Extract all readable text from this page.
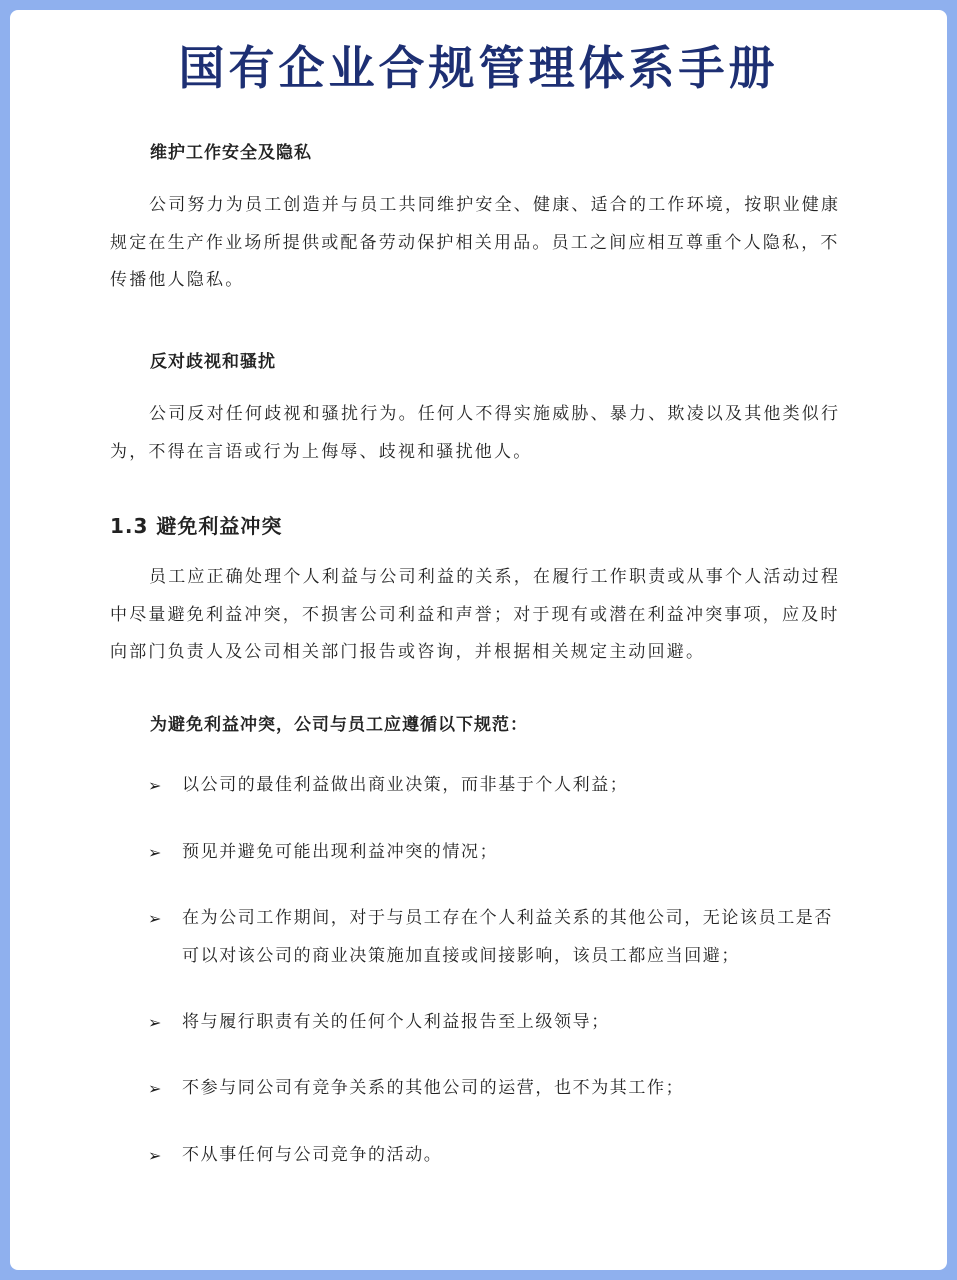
国有企业合规管理体系手册
维护工作安全及隐私

公司努力为员工创造并与员工共同维护安全、健康、适合的工作环境，按职业健康规定在生产作业场所提供或配备劳动保护相关用品。员工之间应相互尊重个人隐私，不传播他人隐私。

反对歧视和骚扰

公司反对任何歧视和骚扰行为。任何人不得实施威胁、暴力、欺凌以及其他类似行为，不得在言语或行为上侮辱、歧视和骚扰他人。

1.3 避免利益冲突

员工应正确处理个人利益与公司利益的关系，在履行工作职责或从事个人活动过程中尽量避免利益冲突，不损害公司利益和声誉；对于现有或潜在利益冲突事项，应及时向部门负责人及公司相关部门报告或咨询，并根据相关规定主动回避。

为避免利益冲突，公司与员工应遵循以下规范：
➢ 以公司的最佳利益做出商业决策，而非基于个人利益；
➢ 预见并避免可能出现利益冲突的情况；
➢ 在为公司工作期间，对于与员工存在个人利益关系的其他公司，无论该员工是否可以对该公司的商业决策施加直接或间接影响，该员工都应当回避；
➢ 将与履行职责有关的任何个人利益报告至上级领导；
➢ 不参与同公司有竞争关系的其他公司的运营，也不为其工作；
➢ 不从事任何与公司竞争的活动。
